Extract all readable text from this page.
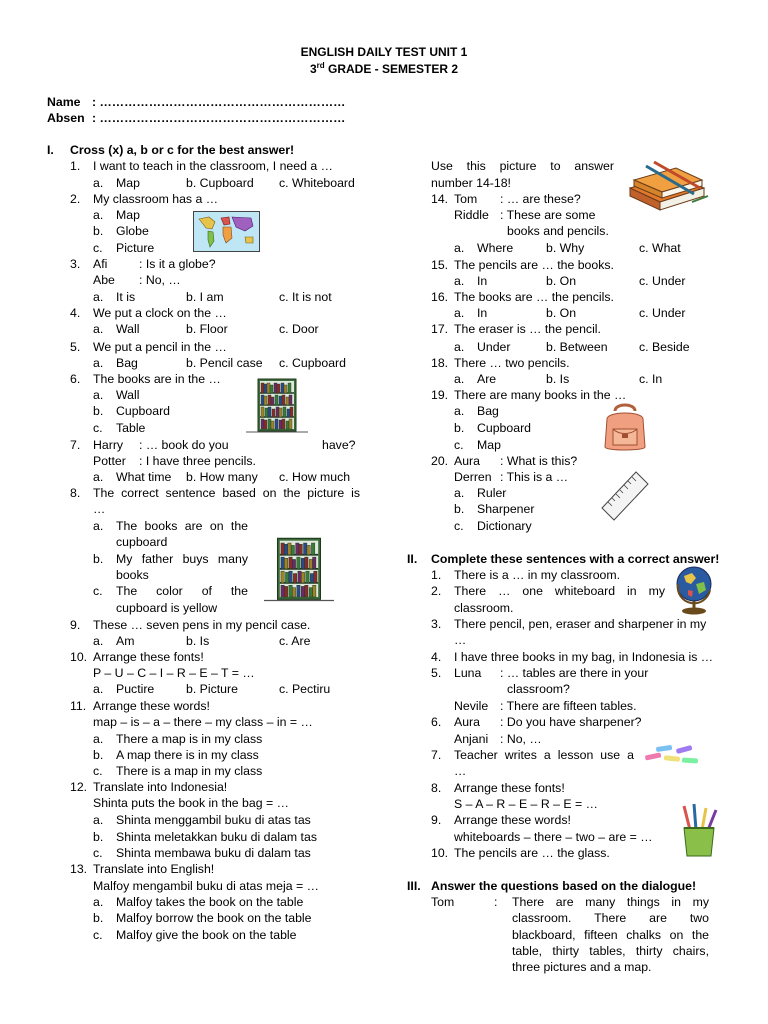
ENGLISH DAILY TEST UNIT 1
3rd GRADE - SEMESTER 2
Name : ……………………………………………………
Absen : ……………………………………………………
I. Cross (x) a, b or c for the best answer!
1. I want to teach in the classroom, I need a …
a. Map	b. Cupboard c. Whiteboard
2. My classroom has a …
a. Map
b. Globe
c. Picture
3. Afi	: Is it a globe?
Abe : No, …
a. It is	b. I am	c. It is not
4. We put a clock on the …
a. Wall	b. Floor	c. Door
5. We put a pencil in the …
a. Bag	b. Pencil case c. Cupboard
6. The books are in the …
a. Wall
b. Cupboard
c. Table
7. Harry : … book do you	have?
Potter : I have three pencils.
a. What time b. How many c. How much
8. The correct sentence based on the picture is
…
a. The books are on the
cupboard
b. My father buys many
books
c. The color of the
cupboard is yellow
9. These … seven pens in my pencil case.
a. Am	b. Is	c. Are
10. Arrange these fonts!
P – U – C – I – R – E – T = …
a. Puctire	b. Picture	c. Pectiru
11. Arrange these words!
map – is – a – there – my class – in = …
a. There a map is in my class
b. A map there is in my class
c. There is a map in my class
12. Translate into Indonesia!
Shinta puts the book in the bag = …
a. Shinta menggambil buku di atas tas
b. Shinta meletakkan buku di dalam tas
c. Shinta membawa buku di dalam tas
13. Translate into English!
Malfoy mengambil buku di atas meja = …
a. Malfoy takes the book on the table
b. Malfoy borrow the book on the table
c. Malfoy give the book on the table
Use this picture to answer
number 14-18!
14. Tom : … are these?
Riddle : These are some
books and pencils.
a. Where	b. Why	c. What
15. The pencils are … the books.
a. In	b. On	c. Under
16. The books are … the pencils.
a. In	b. On	c. Under
17. The eraser is … the pencil.
a. Under	b. Between	c. Beside
18. There … two pencils.
a. Are	b. Is	c. In
19. There are many books in the …
a. Bag
b. Cupboard
c. Map
20. Aura : What is this?
Derren : This is a …
a. Ruler
b. Sharpener
c. Dictionary
II. Complete these sentences with a correct answer!
1. There is a … in my classroom.
2. There … one whiteboard in my
classroom.
3. There pencil, pen, eraser and sharpener in my
…
4. I have three books in my bag, in Indonesia is …
5. Luna : … tables are there in your
classroom?
Nevile : There are fifteen tables.
6. Aura : Do you have sharpener?
Anjani : No, …
7. Teacher writes a lesson use a
…
8. Arrange these fonts!
S – A – R – E – R – E = …
9. Arrange these words!
whiteboards – there – two – are = …
10. The pencils are … the glass.
III. Answer the questions based on the dialogue!
Tom	: There are many things in my
classroom. There are two
blackboard, fifteen chalks on the
table, thirty tables, thirty chairs,
three pictures and a map.
